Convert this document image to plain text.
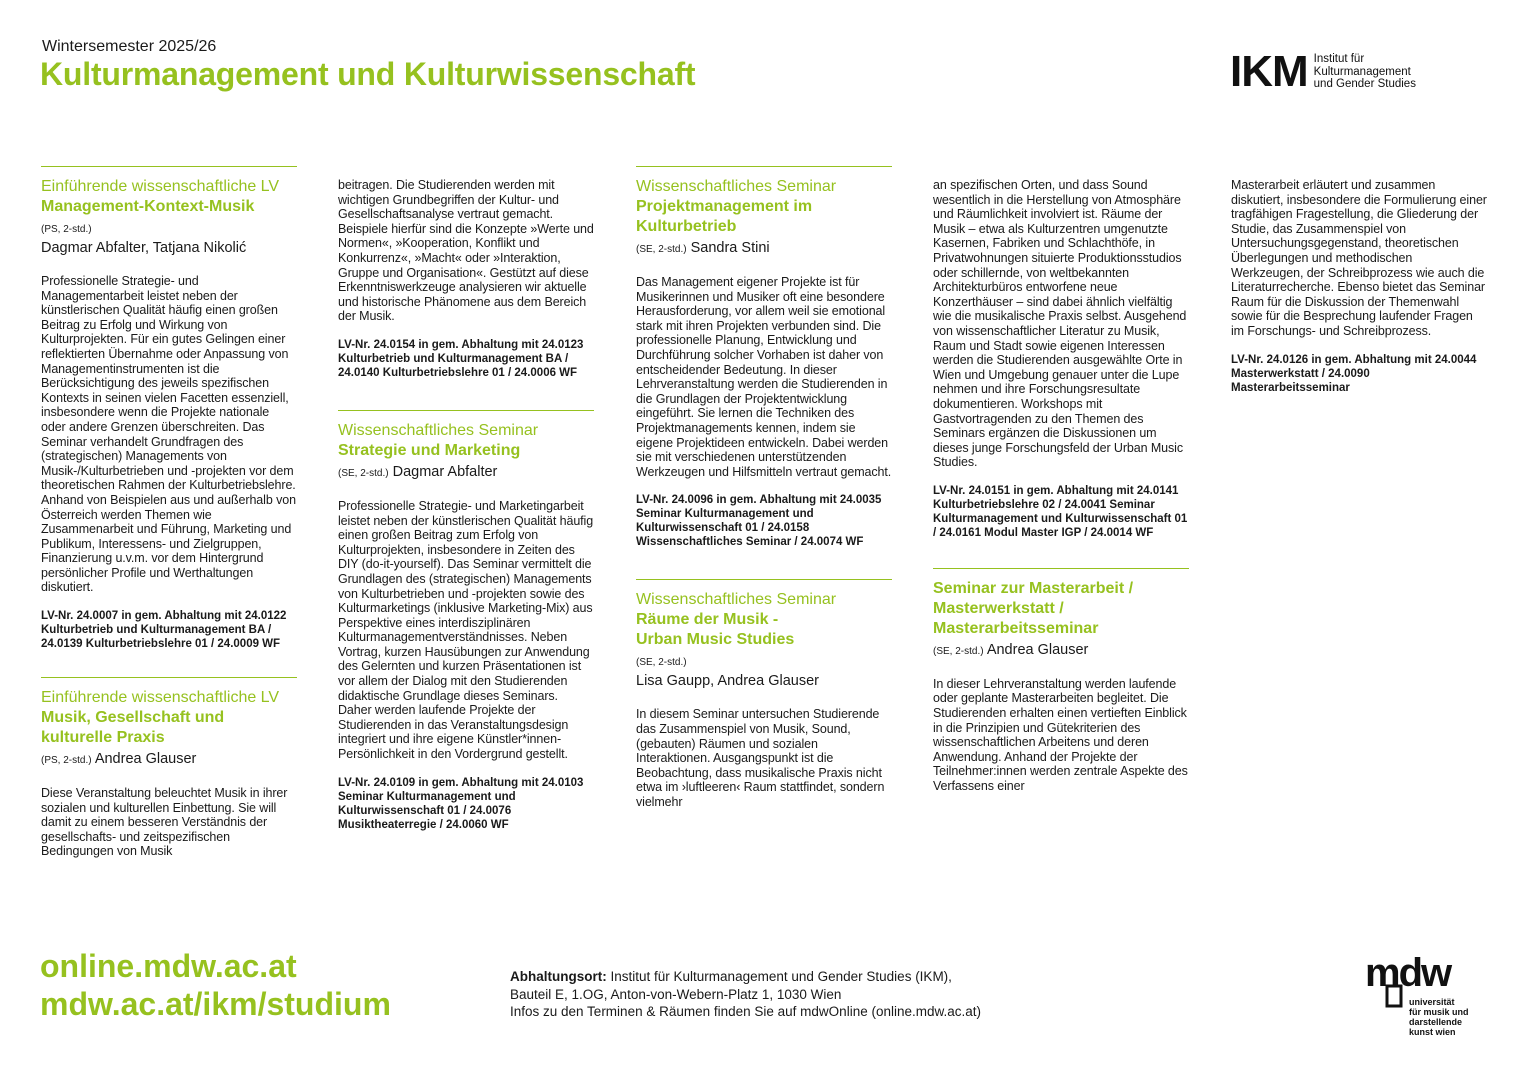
Wintersemester 2025/26
Kulturmanagement und Kulturwissenschaft	IKM Institut für
Kulturmanagement
und Gender Studies
Einführende wissenschaftliche LV
Management-Kontext-Musik
(PS, 2-std.)
Dagmar Abfalter, Tatjana Nikolić
Professionelle Strategie- und Managementarbeit leistet neben der künstlerischen Qualität häufig einen großen Beitrag zu Erfolg und Wirkung von Kulturprojekten. Für ein gutes Gelingen einer reflektierten Übernahme oder Anpassung von Managementinstrumenten ist die Berücksichtigung des jeweils spezifischen Kontexts in seinen vielen Facetten essenziell, insbesondere wenn die Projekte nationale oder andere Grenzen überschreiten. Das Seminar verhandelt Grundfragen des (strategischen) Managements von Musik-/Kulturbetrieben und -projekten vor dem theoretischen Rahmen der Kulturbetriebslehre. Anhand von Beispielen aus und außerhalb von Österreich werden Themen wie Zusammenarbeit und Führung, Marketing und Publikum, Interessens- und Zielgruppen, Finanzierung u.v.m. vor dem Hintergrund persönlicher Profile und Werthaltungen diskutiert.
LV-Nr. 24.0007 in gem. Abhaltung mit 24.0122 Kulturbetrieb und Kulturmanagement BA / 24.0139 Kulturbetriebslehre 01 / 24.0009 WF
Einführende wissenschaftliche LV
Musik, Gesellschaft und kulturelle Praxis
(PS, 2-std.) Andrea Glauser
Diese Veranstaltung beleuchtet Musik in ihrer sozialen und kulturellen Einbettung. Sie will damit zu einem besseren Verständnis der gesellschafts- und zeitspezifischen Bedingungen von Musik
beitragen. Die Studierenden werden mit wichtigen Grundbegriffen der Kultur- und Gesellschaftsanalyse vertraut gemacht. Beispiele hierfür sind die Konzepte »Werte und Normen«, »Kooperation, Konflikt und Konkurrenz«, »Macht« oder »Interaktion, Gruppe und Organisation«. Gestützt auf diese Erkenntniswerkzeuge analysieren wir aktuelle und historische Phänomene aus dem Bereich der Musik.
LV-Nr. 24.0154 in gem. Abhaltung mit 24.0123 Kulturbetrieb und Kulturmanagement BA / 24.0140 Kulturbetriebslehre 01 / 24.0006 WF
Wissenschaftliches Seminar
Strategie und Marketing
(SE, 2-std.) Dagmar Abfalter
Professionelle Strategie- und Marketingarbeit leistet neben der künstlerischen Qualität häufig einen großen Beitrag zum Erfolg von Kulturprojekten, insbesondere in Zeiten des DIY (do-it-yourself). Das Seminar vermittelt die Grundlagen des (strategischen) Managements von Kulturbetrieben und -projekten sowie des Kulturmarketings (inklusive Marketing-Mix) aus Perspektive eines interdisziplinären Kulturmanagementverständnisses. Neben Vortrag, kurzen Hausübungen zur Anwendung des Gelernten und kurzen Präsentationen ist vor allem der Dialog mit den Studierenden didaktische Grundlage dieses Seminars. Daher werden laufende Projekte der Studierenden in das Veranstaltungsdesign integriert und ihre eigene Künstler*innen-Persönlichkeit in den Vordergrund gestellt.
LV-Nr. 24.0109 in gem. Abhaltung mit 24.0103 Seminar Kulturmanagement und Kulturwissenschaft 01 / 24.0076 Musiktheaterregie / 24.0060 WF
Wissenschaftliches Seminar
Projektmanagement im Kulturbetrieb
(SE, 2-std.) Sandra Stini
Das Management eigener Projekte ist für Musikerinnen und Musiker oft eine besondere Herausforderung, vor allem weil sie emotional stark mit ihren Projekten verbunden sind. Die professionelle Planung, Entwicklung und Durchführung solcher Vorhaben ist daher von entscheidender Bedeutung. In dieser Lehrveranstaltung werden die Studierenden in die Grundlagen der Projektentwicklung eingeführt. Sie lernen die Techniken des Projektmanagements kennen, indem sie eigene Projektideen entwickeln. Dabei werden sie mit verschiedenen unterstützenden Werkzeugen und Hilfsmitteln vertraut gemacht.
LV-Nr. 24.0096 in gem. Abhaltung mit 24.0035 Seminar Kulturmanagement und Kulturwissenschaft 01 / 24.0158 Wissenschaftliches Seminar / 24.0074 WF
Wissenschaftliches Seminar
Räume der Musik - Urban Music Studies
(SE, 2-std.)
Lisa Gaupp, Andrea Glauser
In diesem Seminar untersuchen Studierende das Zusammenspiel von Musik, Sound, (gebauten) Räumen und sozialen Interaktionen. Ausgangspunkt ist die Beobachtung, dass musikalische Praxis nicht etwa im ›luftleeren‹ Raum stattfindet, sondern vielmehr
an spezifischen Orten, und dass Sound wesentlich in die Herstellung von Atmosphäre und Räumlichkeit involviert ist. Räume der Musik – etwa als Kulturzentren umgenutzte Kasernen, Fabriken und Schlachthöfe, in Privatwohnungen situierte Produktionsstudios oder schillernde, von weltbekannten Architekturbüros entworfene neue Konzerthäuser – sind dabei ähnlich vielfältig wie die musikalische Praxis selbst. Ausgehend von wissenschaftlicher Literatur zu Musik, Raum und Stadt sowie eigenen Interessen werden die Studierenden ausgewählte Orte in Wien und Umgebung genauer unter die Lupe nehmen und ihre Forschungsresultate dokumentieren. Workshops mit Gastvortragenden zu den Themen des Seminars ergänzen die Diskussionen um dieses junge Forschungsfeld der Urban Music Studies.
LV-Nr. 24.0151 in gem. Abhaltung mit 24.0141 Kulturbetriebslehre 02 / 24.0041 Seminar Kulturmanagement und Kulturwissenschaft 01 / 24.0161 Modul Master IGP / 24.0014 WF
Seminar zur Masterarbeit / Masterwerkstatt / Masterarbeitsseminar
(SE, 2-std.) Andrea Glauser
In dieser Lehrveranstaltung werden laufende oder geplante Masterarbeiten begleitet. Die Studierenden erhalten einen vertieften Einblick in die Prinzipien und Gütekriterien des wissenschaftlichen Arbeitens und deren Anwendung. Anhand der Projekte der Teilnehmer:innen werden zentrale Aspekte des Verfassens einer
Masterarbeit erläutert und zusammen diskutiert, insbesondere die Formulierung einer tragfähigen Fragestellung, die Gliederung der Studie, das Zusammenspiel von Untersuchungsgegenstand, theoretischen Überlegungen und methodischen Werkzeugen, der Schreibprozess wie auch die Literaturrecherche. Ebenso bietet das Seminar Raum für die Diskussion der Themenwahl sowie für die Besprechung laufender Fragen im Forschungs- und Schreibprozess.
LV-Nr. 24.0126 in gem. Abhaltung mit 24.0044 Masterwerkstatt / 24.0090 Masterarbeitsseminar
online.mdw.ac.at
mdw.ac.at/ikm/studium
Abhaltungsort: Institut für Kulturmanagement und Gender Studies (IKM),
Bauteil E, 1.OG, Anton-von-Webern-Platz 1, 1030 Wien
Infos zu den Terminen & Räumen finden Sie auf mdwOnline (online.mdw.ac.at)
mdw
universität
für musik und
darstellende
kunst wien
